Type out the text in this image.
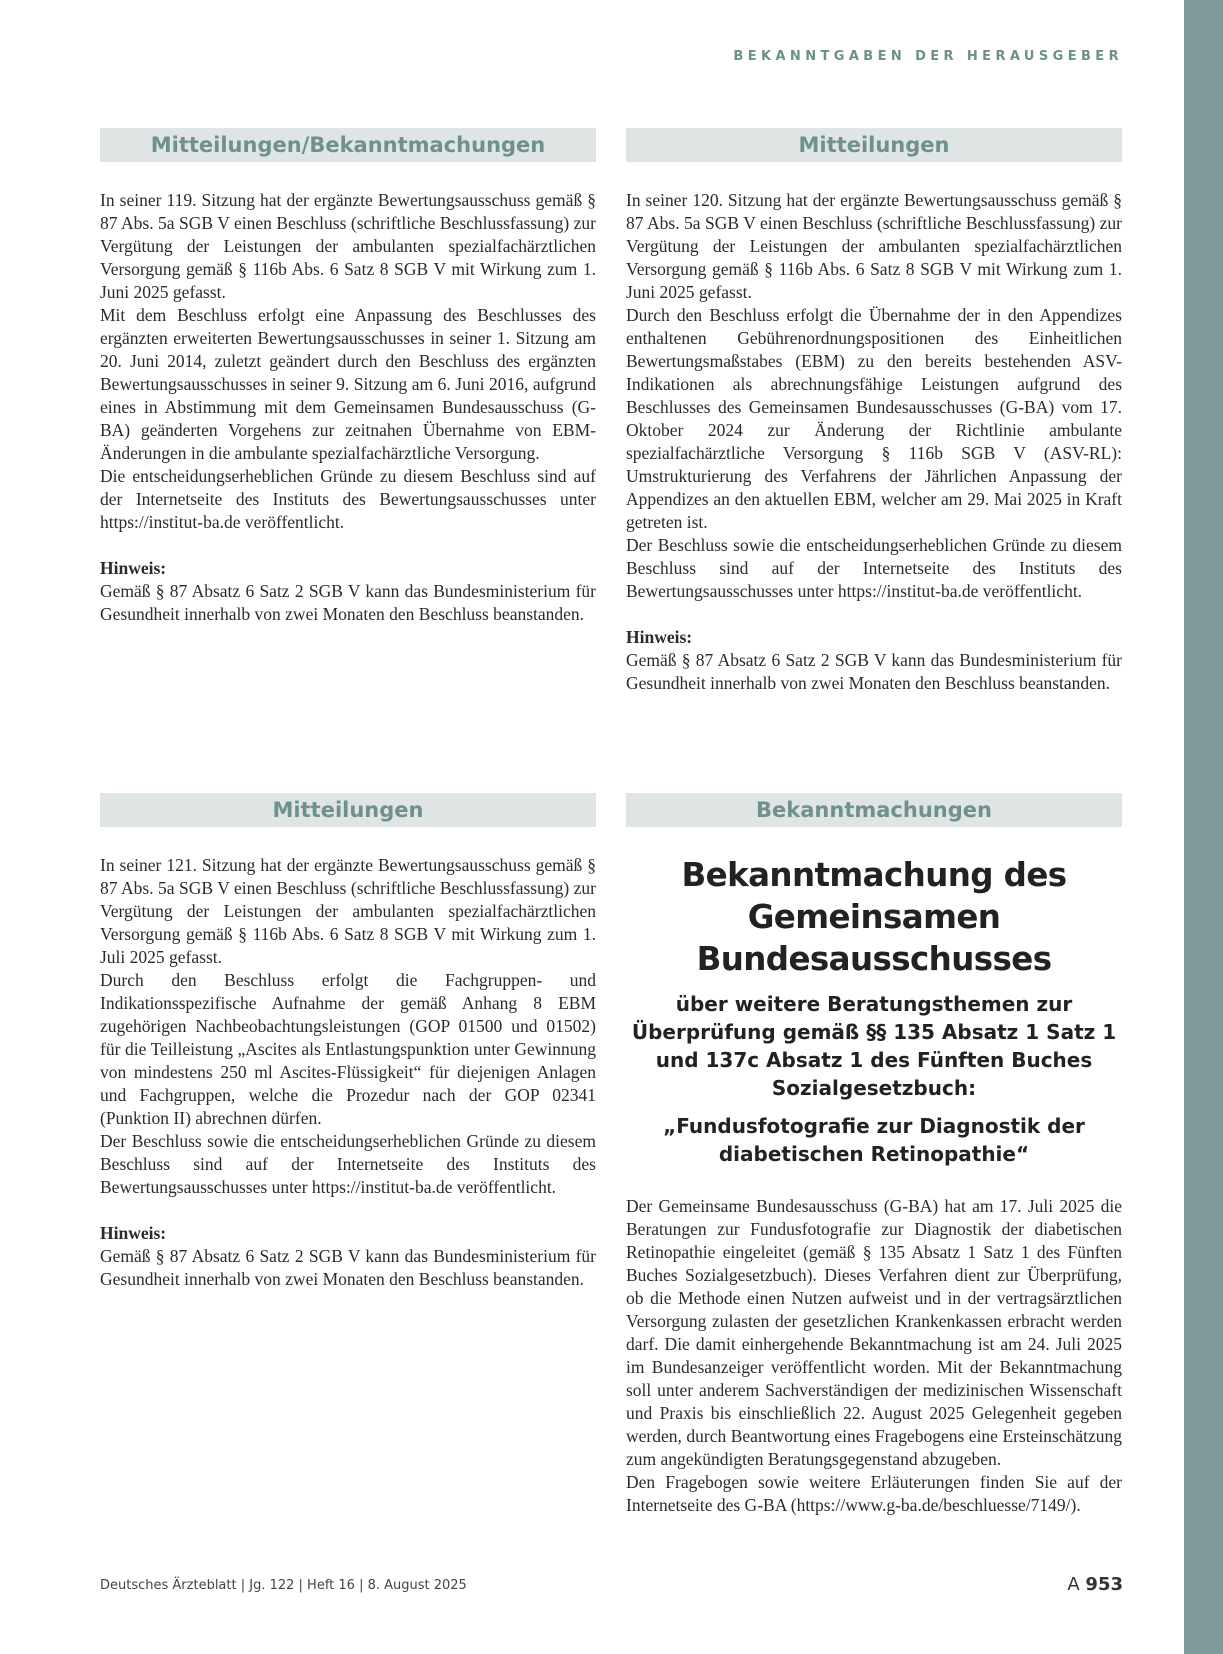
BEKANNTGABEN DER HERAUSGEBER
Mitteilungen/Bekanntmachungen

In seiner 119. Sitzung hat der ergänzte Bewertungsausschuss gemäß § 87 Abs. 5a SGB V einen Beschluss (schriftliche Beschlussfassung) zur Vergütung der Leistungen der ambulanten spezialfachärztlichen Versorgung gemäß § 116b Abs. 6 Satz 8 SGB V mit Wirkung zum 1. Juni 2025 gefasst.

Mit dem Beschluss erfolgt eine Anpassung des Beschlusses des ergänzten erweiterten Bewertungsausschusses in seiner 1. Sitzung am 20. Juni 2014, zuletzt geändert durch den Beschluss des ergänzten Bewertungsausschusses in seiner 9. Sitzung am 6. Juni 2016, aufgrund eines in Abstimmung mit dem Gemeinsamen Bundesausschuss (G-BA) geänderten Vorgehens zur zeitnahen Übernahme von EBM-Änderungen in die ambulante spezialfachärztliche Versorgung.

Die entscheidungserheblichen Gründe zu diesem Beschluss sind auf der Internetseite des Instituts des Bewertungsausschusses unter https://institut-ba.de veröffentlicht.

Hinweis:

Gemäß § 87 Absatz 6 Satz 2 SGB V kann das Bundesministerium für Gesundheit innerhalb von zwei Monaten den Beschluss beanstanden.

Mitteilungen

In seiner 120. Sitzung hat der ergänzte Bewertungsausschuss gemäß § 87 Abs. 5a SGB V einen Beschluss (schriftliche Beschlussfassung) zur Vergütung der Leistungen der ambulanten spezialfachärztlichen Versorgung gemäß § 116b Abs. 6 Satz 8 SGB V mit Wirkung zum 1. Juni 2025 gefasst.

Durch den Beschluss erfolgt die Übernahme der in den Appendizes enthaltenen Gebührenordnungspositionen des Einheitlichen Bewertungsmaßstabes (EBM) zu den bereits bestehenden ASV-Indikationen als abrechnungsfähige Leistungen aufgrund des Beschlusses des Gemeinsamen Bundesausschusses (G-BA) vom 17. Oktober 2024 zur Änderung der Richtlinie ambulante spezialfachärztliche Versorgung § 116b SGB V (ASV-RL): Umstrukturierung des Verfahrens der Jährlichen Anpassung der Appendizes an den aktuellen EBM, welcher am 29. Mai 2025 in Kraft getreten ist.

Der Beschluss sowie die entscheidungserheblichen Gründe zu diesem Beschluss sind auf der Internetseite des Instituts des Bewertungsausschusses unter https://institut-ba.de veröffentlicht.

Hinweis:

Gemäß § 87 Absatz 6 Satz 2 SGB V kann das Bundesministerium für Gesundheit innerhalb von zwei Monaten den Beschluss beanstanden.

Mitteilungen

In seiner 121. Sitzung hat der ergänzte Bewertungsausschuss gemäß § 87 Abs. 5a SGB V einen Beschluss (schriftliche Beschlussfassung) zur Vergütung der Leistungen der ambulanten spezialfachärztlichen Versorgung gemäß § 116b Abs. 6 Satz 8 SGB V mit Wirkung zum 1. Juli 2025 gefasst.

Durch den Beschluss erfolgt die Fachgruppen- und Indikationsspezifische Aufnahme der gemäß Anhang 8 EBM zugehörigen Nachbeobachtungsleistungen (GOP 01500 und 01502) für die Teilleistung „Ascites als Entlastungspunktion unter Gewinnung von mindestens 250 ml Ascites-Flüssigkeit“ für diejenigen Anlagen und Fachgruppen, welche die Prozedur nach der GOP 02341 (Punktion II) abrechnen dürfen.

Der Beschluss sowie die entscheidungserheblichen Gründe zu diesem Beschluss sind auf der Internetseite des Instituts des Bewertungsausschusses unter https://institut-ba.de veröffentlicht.

Hinweis:

Gemäß § 87 Absatz 6 Satz 2 SGB V kann das Bundesministerium für Gesundheit innerhalb von zwei Monaten den Beschluss beanstanden.

Bekanntmachungen
Bekanntmachung des Gemeinsamen Bundesausschusses
über weitere Beratungsthemen zur Überprüfung gemäß §§ 135 Absatz 1 Satz 1 und 137c Absatz 1 des Fünften Buches Sozialgesetzbuch:
„Fundusfotografie zur Diagnostik der diabetischen Retinopathie“

Der Gemeinsame Bundesausschuss (G-BA) hat am 17. Juli 2025 die Beratungen zur Fundusfotografie zur Diagnostik der diabetischen Retinopathie eingeleitet (gemäß § 135 Absatz 1 Satz 1 des Fünften Buches Sozialgesetzbuch). Dieses Verfahren dient zur Überprüfung, ob die Methode einen Nutzen aufweist und in der vertragsärztlichen Versorgung zulasten der gesetzlichen Krankenkassen erbracht werden darf. Die damit einhergehende Bekanntmachung ist am 24. Juli 2025 im Bundesanzeiger veröffentlicht worden. Mit der Bekanntmachung soll unter anderem Sachverständigen der medizinischen Wissenschaft und Praxis bis einschließlich 22. August 2025 Gelegenheit gegeben werden, durch Beantwortung eines Fragebogens eine Ersteinschätzung zum angekündigten Beratungsgegenstand abzugeben.

Den Fragebogen sowie weitere Erläuterungen finden Sie auf der Internetseite des G-BA (https://www.g-ba.de/beschluesse/7149/).

Deutsches Ärzteblatt | Jg. 122 | Heft 16 | 8. August 2025	A 953
